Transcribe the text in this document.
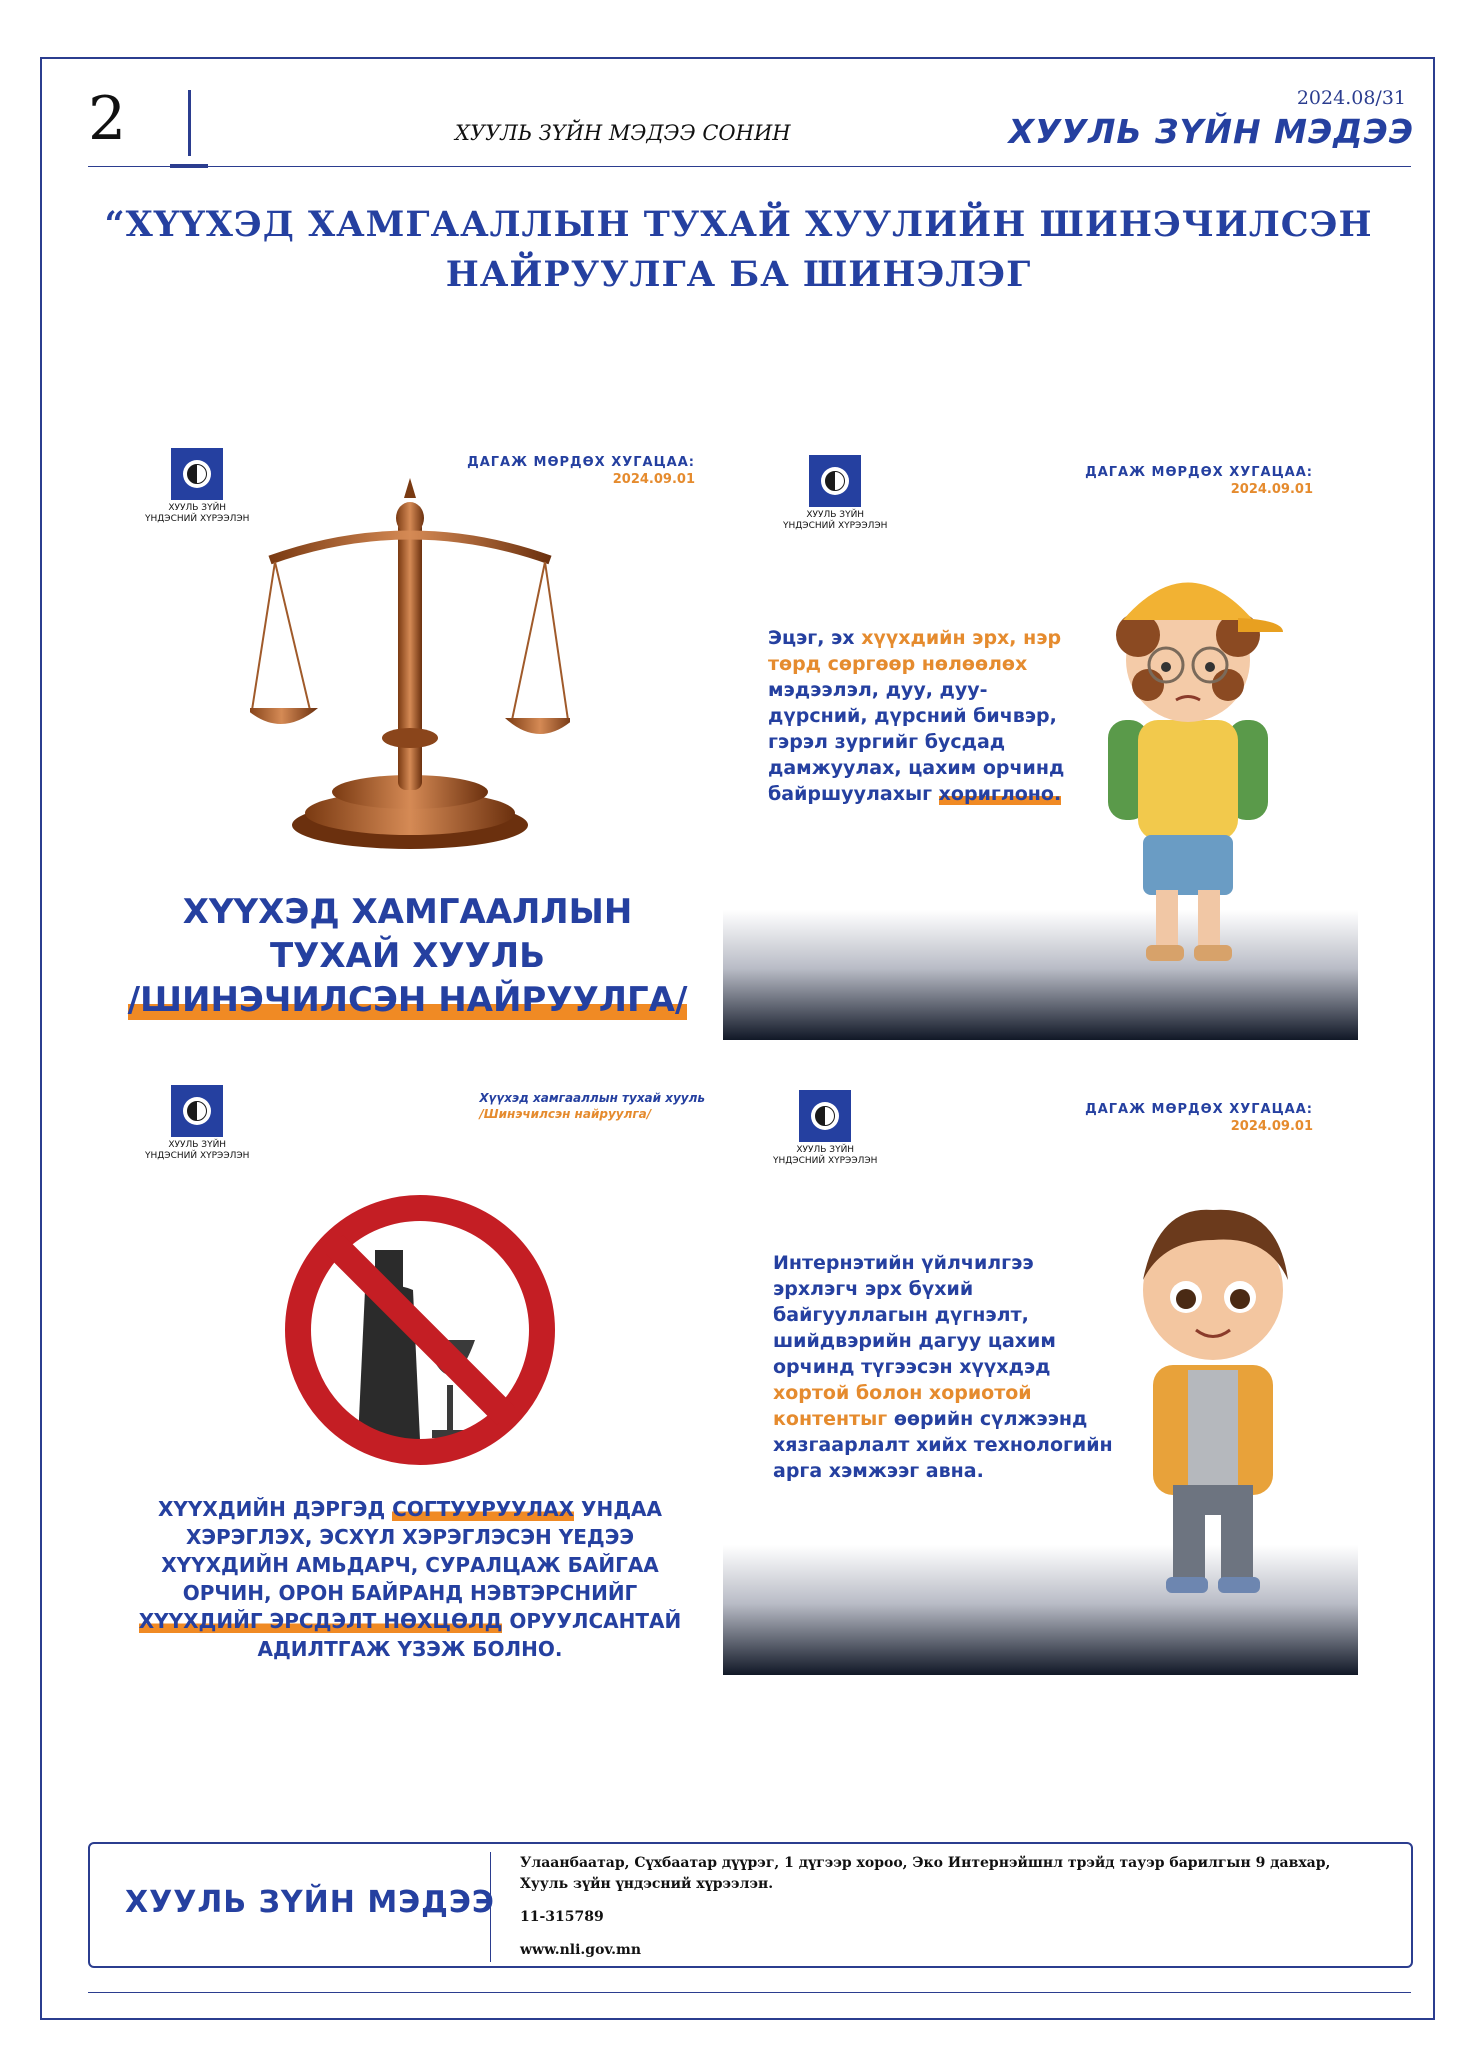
2	ХУУЛЬ ЗҮЙН МЭДЭЭ СОНИН
2024.08/31
ХУУЛЬ ЗҮЙН МЭДЭЭ
“ХҮҮХЭД ХАМГААЛЛЫН ТУХАЙ ХУУЛИЙН ШИНЭЧИЛСЭН
НАЙРУУЛГА БА ШИНЭЛЭГ
ХУУЛЬ ЗҮЙН
ҮНДЭСНИЙ ХҮРЭЭЛЭН
ДАГАЖ МӨРДӨХ ХУГАЦАА:
2024.09.01
ХҮҮХЭД ХАМГААЛЛЫН
ТУХАЙ ХУУЛЬ
/ШИНЭЧИЛСЭН НАЙРУУЛГА/
ХУУЛЬ ЗҮЙН
ҮНДЭСНИЙ ХҮРЭЭЛЭН
ДАГАЖ МӨРДӨХ ХУГАЦАА:
2024.09.01
Эцэг, эх хүүхдийн эрх, нэр төрд сөргөөр нөлөөлөх мэдээлэл, дуу, дуу-дүрсний, дүрсний бичвэр, гэрэл зургийг бусдад дамжуулах, цахим орчинд байршуулахыг хориглоно.
ХУУЛЬ ЗҮЙН
ҮНДЭСНИЙ ХҮРЭЭЛЭН
Хүүхэд хамгааллын тухай хууль
/Шинэчилсэн найруулга/
ХҮҮХДИЙН ДЭРГЭД СОГТУУРУУЛАХ УНДАА ХЭРЭГЛЭХ, ЭСХҮЛ ХЭРЭГЛЭСЭН ҮЕДЭЭ ХҮҮХДИЙН АМЬДАРЧ, СУРАЛЦАЖ БАЙГАА ОРЧИН, ОРОН БАЙРАНД НЭВТЭРСНИЙГ ХҮҮХДИЙГ ЭРСДЭЛТ НӨХЦӨЛД ОРУУЛСАНТАЙ АДИЛТГАЖ ҮЗЭЖ БОЛНО.
ХУУЛЬ ЗҮЙН
ҮНДЭСНИЙ ХҮРЭЭЛЭН
ДАГАЖ МӨРДӨХ ХУГАЦАА:
2024.09.01
Интернэтийн үйлчилгээ эрхлэгч эрх бүхий байгууллагын дүгнэлт, шийдвэрийн дагуу цахим орчинд түгээсэн хүүхдэд хортой болон хориотой контентыг өөрийн сүлжээнд хязгаарлалт хийх технологийн арга хэмжээг авна.
ХУУЛЬ ЗҮЙН МЭДЭЭ
Улаанбаатар, Сүхбаатар дүүрэг, 1 дүгээр хороо, Эко Интернэйшнл трэйд тауэр барилгын 9 давхар,
Хууль зүйн үндэсний хүрээлэн.
11-315789
www.nli.gov.mn
